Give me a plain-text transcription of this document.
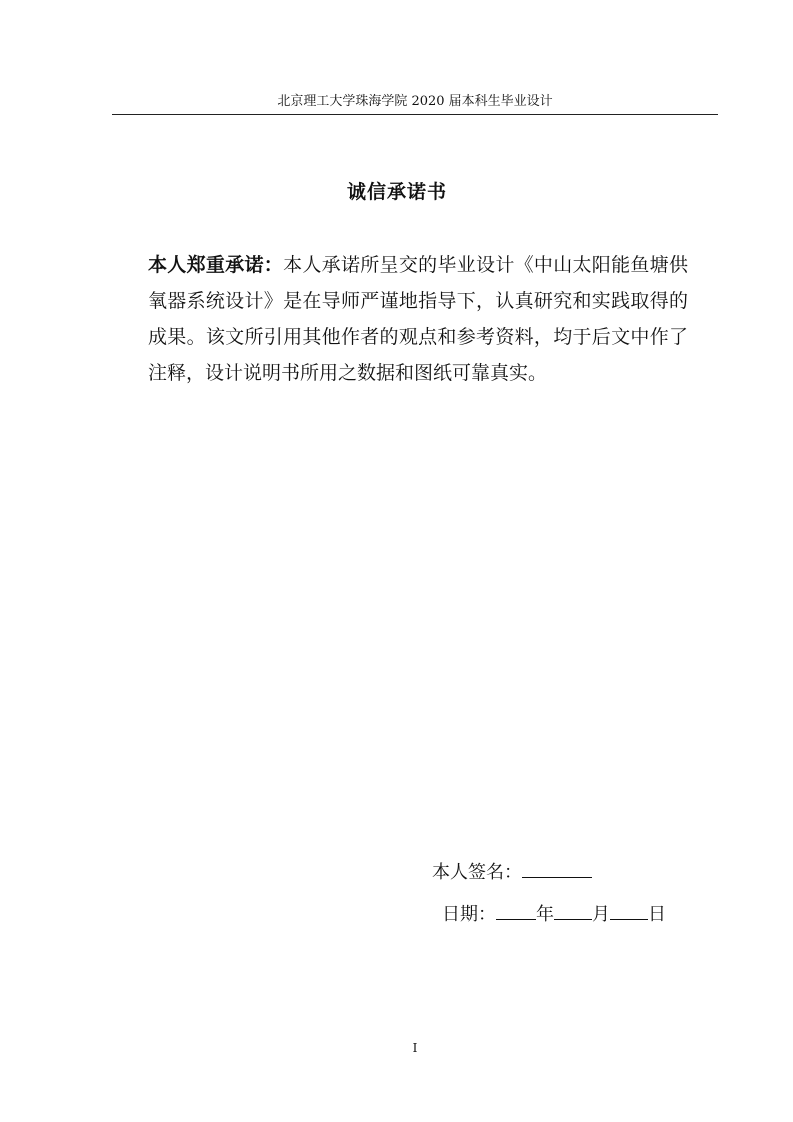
北京理工大学珠海学院 2020 届本科生毕业设计
诚信承诺书
本人郑重承诺：本人承诺所呈交的毕业设计《中山太阳能鱼塘供氧器系统设计》是在导师严谨地指导下，认真研究和实践取得的成果。该文所引用其他作者的观点和参考资料，均于后文中作了注释，设计说明书所用之数据和图纸可靠真实。
本人签名：
日期： 年 月 日
I
